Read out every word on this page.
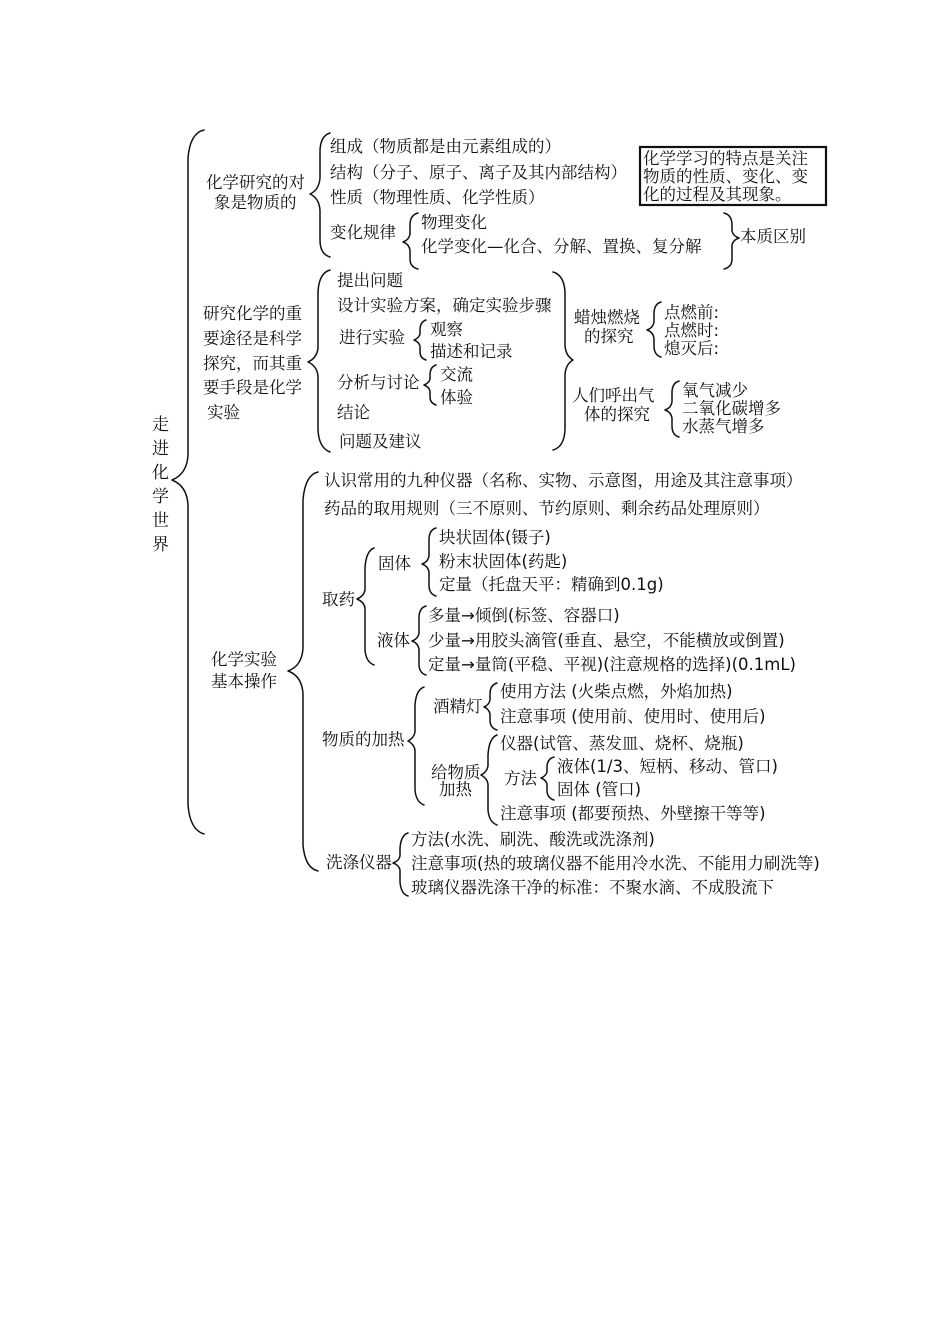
走
进
化
学
世
界
化学研究的对
象是物质的
组成（物质都是由元素组成的）
结构（分子、原子、离子及其内部结构）
性质（物理性质、化学性质）
变化规律
物理变化
化学变化—化合、分解、置换、复分解
本质区别
化学学习的特点是关注
物质的性质、变化、变
化的过程及其现象。
研究化学的重
要途径是科学
探究，而其重
要手段是化学
实验
提出问题
设计实验方案，确定实验步骤
进行实验 观察
描述和记录
分析与讨论 交流
体验
结论
问题及建议
蜡烛燃烧
的探究
点燃前:
点燃时:
熄灭后:
人们呼出气
体的探究
氧气减少
二氧化碳增多
水蒸气增多
化学实验
基本操作
认识常用的九种仪器（名称、实物、示意图，用途及其注意事项）
药品的取用规则（三不原则、节约原则、剩余药品处理原则）
取药
固体
块状固体(镊子)
粉末状固体(药匙)
定量（托盘天平：精确到0.1g)
液体
多量→倾倒(标签、容器口)
少量→用胶头滴管(垂直、悬空，不能横放或倒置)
定量→量筒(平稳、平视)(注意规格的选择)(0.1mL)
物质的加热
酒精灯
使用方法 (火柴点燃，外焰加热)
注意事项 (使用前、使用时、使用后)
给物质
加热
仪器(试管、蒸发皿、烧杯、烧瓶)
方法
液体(1/3、短柄、移动、管口)
固体 (管口)
注意事项 (都要预热、外壁擦干等等)
洗涤仪器
方法(水洗、刷洗、酸洗或洗涤剂)
注意事项(热的玻璃仪器不能用冷水洗、不能用力刷洗等)
玻璃仪器洗涤干净的标准：不聚水滴、不成股流下
